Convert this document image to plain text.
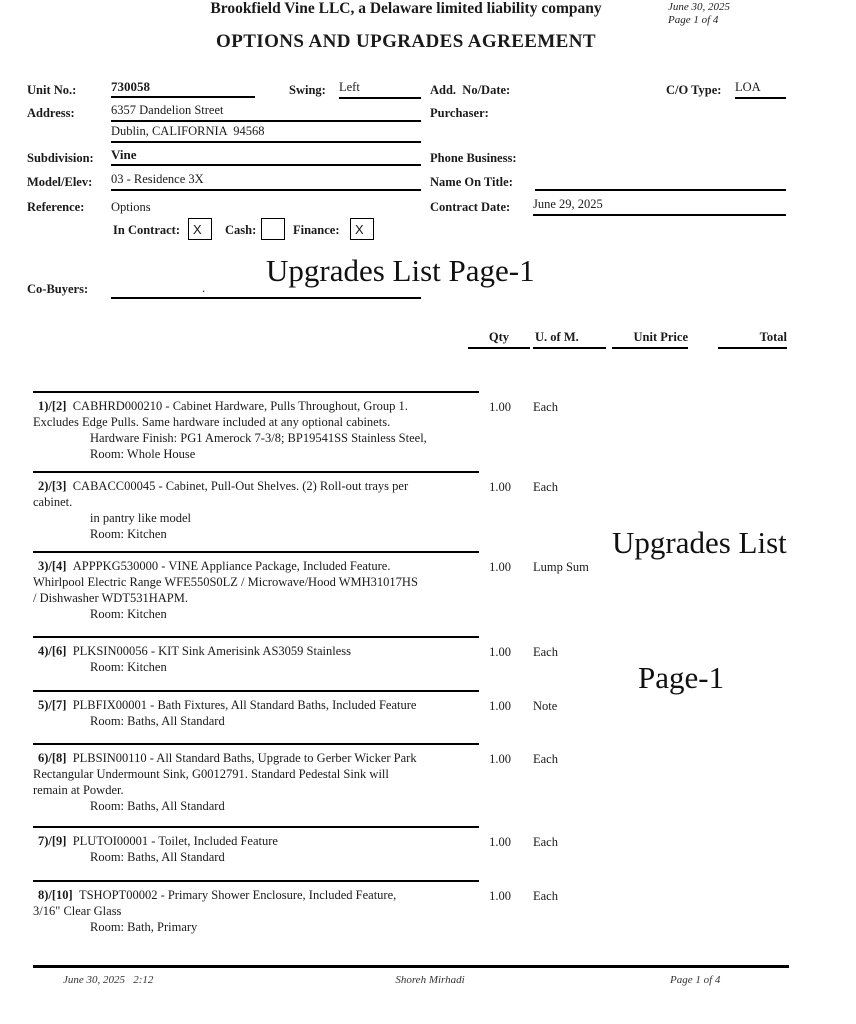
Brookfield Vine LLC, a Delaware limited liability company	June 30, 2025
Page 1 of 4
OPTIONS AND UPGRADES AGREEMENT
Unit No.:	730058	Swing: Left	Add.  No/Date:	C/O Type: LOA
Address:	6357 Dandelion Street	Purchaser:
Dublin, CALIFORNIA  94568
Subdivision: Vine	Phone Business:
Model/Elev: 03 - Residence 3X	Name On Title:
Reference: Options	Contract Date: June 29, 2025
In Contract: X	Cash:	Finance:	X
Co-Buyers:	. Upgrades List Page-1

Upgrades List

Page-1

Qty	U. of M.	Unit Price	Total
1)/[2]  CABHRD000210 - Cabinet Hardware, Pulls Throughout, Group 1.
Excludes Edge Pulls. Same hardware included at any optional cabinets.
Hardware Finish: PG1 Amerock 7-3/8; BP19541SS Stainless Steel,
Room: Whole House
1.00	Each
2)/[3]  CABACC00045 - Cabinet, Pull-Out Shelves. (2) Roll-out trays per
cabinet.
in pantry like model
Room: Kitchen
1.00	Each
3)/[4]  APPPKG530000 - VINE Appliance Package, Included Feature.
Whirlpool Electric Range WFE550S0LZ / Microwave/Hood WMH31017HS
/ Dishwasher WDT531HAPM.
Room: Kitchen
1.00	Lump Sum
4)/[6]  PLKSIN00056 - KIT Sink Amerisink AS3059 Stainless
Room: Kitchen
1.00	Each
5)/[7]  PLBFIX00001 - Bath Fixtures, All Standard Baths, Included Feature
Room: Baths, All Standard
1.00	Note
6)/[8]  PLBSIN00110 - All Standard Baths, Upgrade to Gerber Wicker Park
Rectangular Undermount Sink, G0012791. Standard Pedestal Sink will
remain at Powder.
Room: Baths, All Standard
1.00	Each
7)/[9]  PLUTOI00001 - Toilet, Included Feature
Room: Baths, All Standard
1.00	Each
8)/[10]  TSHOPT00002 - Primary Shower Enclosure, Included Feature,
3/16" Clear Glass
Room: Bath, Primary
1.00	Each
June 30, 2025   2:12	Shoreh Mirhadi	Page 1 of 4
